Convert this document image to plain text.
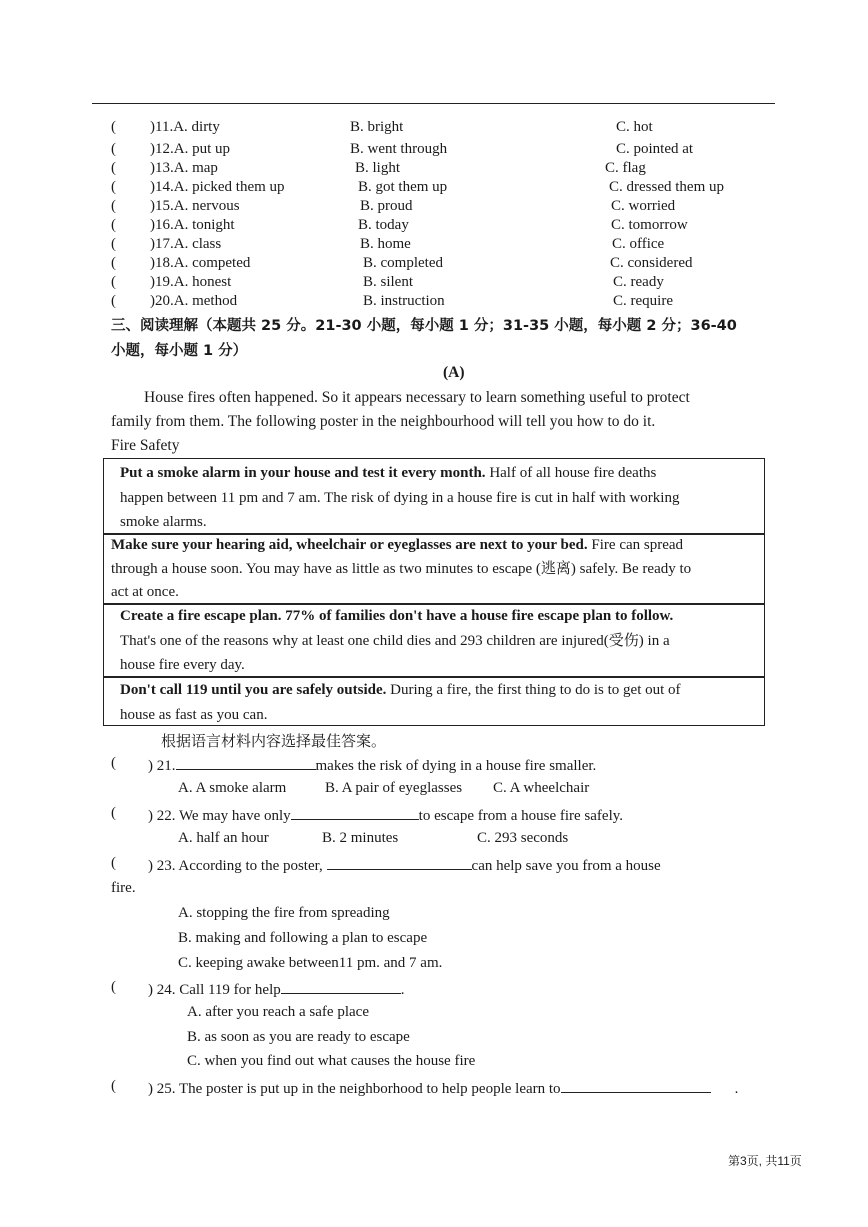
( )11.A. dirty	B. bright	C. hot
( )12.A. put up	B. went through	C. pointed at
( )13.A. map	B. light	C. flag
( )14.A. picked them up	B. got them up	C. dressed them up
( )15.A. nervous	B. proud	C. worried
( )16.A. tonight	B. today	C. tomorrow
( )17.A. class	B. home	C. office
( )18.A. competed	B. completed	C. considered
( )19.A. honest	B. silent	C. ready
( )20.A. method	B. instruction	C. require
三、阅读理解（本题共 25 分。21-30 小题，每小题 1 分；31-35 小题，每小题 2 分；36-40
小题，每小题 1 分）
(A)
House fires often happened. So it appears necessary to learn something useful to protect
family from them. The following poster in the neighbourhood will tell you how to do it.
Fire Safety
Put a smoke alarm in your house and test it every month. Half of all house fire deaths
happen between 11 pm and 7 am. The risk of dying in a house fire is cut in half with working
smoke alarms.
Make sure your hearing aid, wheelchair or eyeglasses are next to your bed. Fire can spread
through a house soon. You may have as little as two minutes to escape (逃离) safely. Be ready to
act at once.
Create a fire escape plan. 77% of families don't have a house fire escape plan to follow.
That's one of the reasons why at least one child dies and 293 children are injured(受伤) in a
house fire every day.
Don't call 119 until you are safely outside. During a fire, the first thing to do is to get out of
house as fast as you can.
根据语言材料内容选择最佳答案。
( ) 21.	makes the risk of dying in a house fire smaller.
A. A smoke alarm	B. A pair of eyeglasses C. A wheelchair
( ) 22. We may have only	to escape from a house fire safely.
A. half an hour	B. 2 minutes	C. 293 seconds
( ) 23. According to the poster,	can help save you from a house
fire.
A. stopping the fire from spreading
B. making and following a plan to escape
C. keeping awake between11 pm. and 7 am.
( ) 24. Call 119 for help	.
A. after you reach a safe place
B. as soon as you are ready to escape
C. when you find out what causes the house fire
( ) 25. The poster is put up in the neighborhood to help people learn to	.
第3页, 共11页
